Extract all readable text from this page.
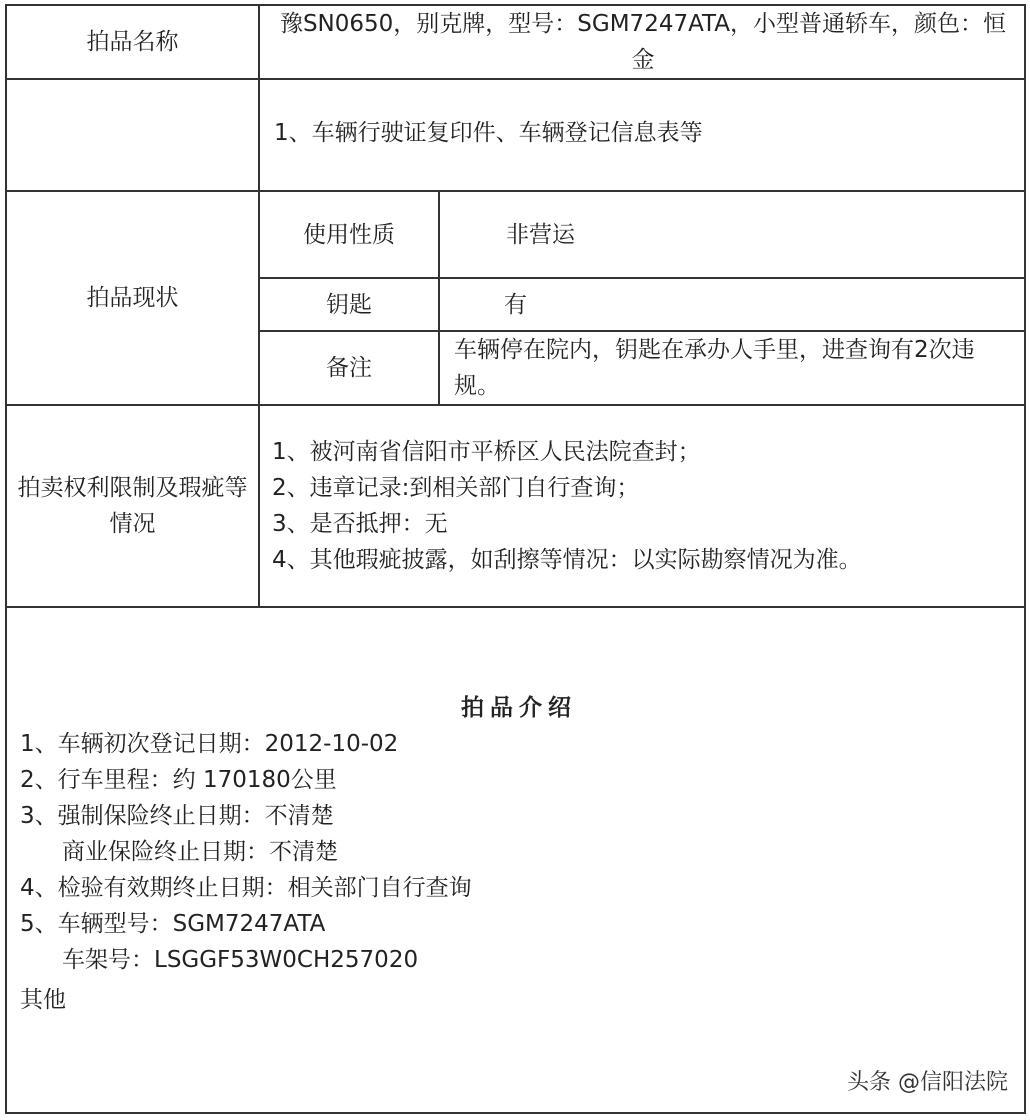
拍品名称
豫SN0650，别克牌，型号：SGM7247ATA，小型普通轿车，颜色：恒金
1、车辆行驶证复印件、车辆登记信息表等
拍品现状
使用性质	非营运
钥匙	有
备注
车辆停在院内，钥匙在承办人手里，进查询有2次违规。
拍卖权利限制及瑕疵等情况
1、被河南省信阳市平桥区人民法院查封；
2、违章记录:到相关部门自行查询；
3、是否抵押：无
4、其他瑕疵披露，如刮擦等情况：以实际勘察情况为准。
拍品介绍
1、车辆初次登记日期：2012-10-02
2、行车里程：约 170180公里
3、强制保险终止日期：不清楚
商业保险终止日期：不清楚
4、检验有效期终止日期：相关部门自行查询
5、车辆型号：SGM7247ATA
车架号：LSGGF53W0CH257020
其他
头条 @信阳法院
